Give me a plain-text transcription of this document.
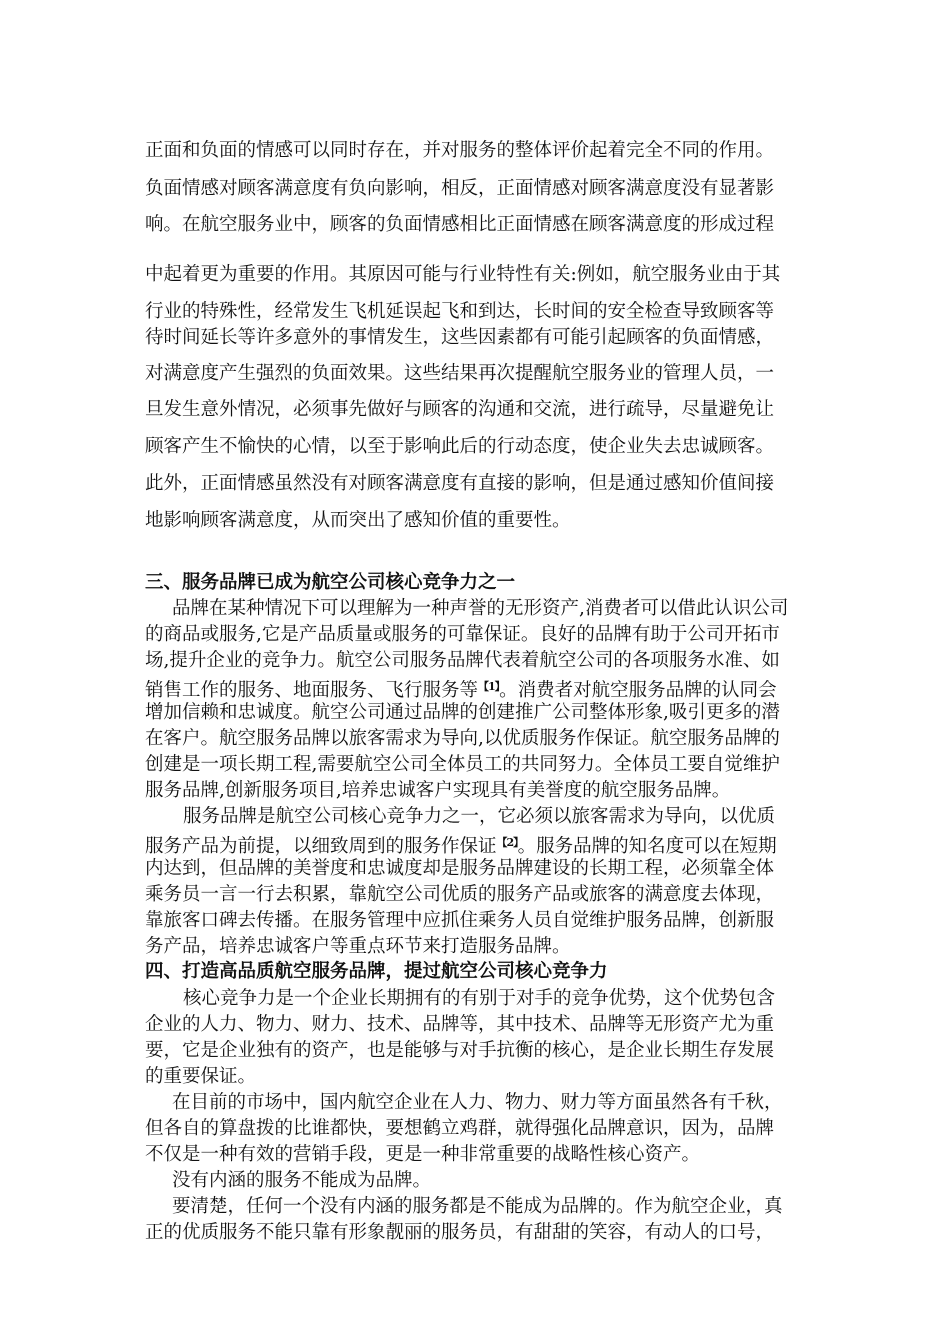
正面和负面的情感可以同时存在，并对服务的整体评价起着完全不同的作用。
负面情感对顾客满意度有负向影响，相反，正面情感对顾客满意度没有显著影
响。在航空服务业中，顾客的负面情感相比正面情感在顾客满意度的形成过程
中起着更为重要的作用。其原因可能与行业特性有关:例如，航空服务业由于其
行业的特殊性，经常发生飞机延误起飞和到达，长时间的安全检查导致顾客等
待时间延长等许多意外的事情发生，这些因素都有可能引起顾客的负面情感，
对满意度产生强烈的负面效果。这些结果再次提醒航空服务业的管理人员，一
旦发生意外情况，必须事先做好与顾客的沟通和交流，进行疏导，尽量避免让
顾客产生不愉快的心情，以至于影响此后的行动态度，使企业失去忠诚顾客。
此外，正面情感虽然没有对顾客满意度有直接的影响，但是通过感知价值间接
地影响顾客满意度，从而突出了感知价值的重要性。
三、服务品牌已成为航空公司核心竞争力之一
品牌在某种情况下可以理解为一种声誉的无形资产,消费者可以借此认识公司
的商品或服务,它是产品质量或服务的可靠保证。良好的品牌有助于公司开拓市
场,提升企业的竞争力。航空公司服务品牌代表着航空公司的各项服务水准、如
销售工作的服务、地面服务、飞行服务等$^{【1】}$。消费者对航空服务品牌的认同会
增加信赖和忠诚度。航空公司通过品牌的创建推广公司整体形象,吸引更多的潜
在客户。航空服务品牌以旅客需求为导向,以优质服务作保证。航空服务品牌的
创建是一项长期工程,需要航空公司全体员工的共同努力。全体员工要自觉维护
服务品牌,创新服务项目,培养忠诚客户实现具有美誉度的航空服务品牌。
服务品牌是航空公司核心竞争力之一，它必须以旅客需求为导向，以优质
服务产品为前提，以细致周到的服务作保证$^{【2】}$。服务品牌的知名度可以在短期
内达到，但品牌的美誉度和忠诚度却是服务品牌建设的长期工程，必须靠全体
乘务员一言一行去积累，靠航空公司优质的服务产品或旅客的满意度去体现，
靠旅客口碑去传播。在服务管理中应抓住乘务人员自觉维护服务品牌，创新服
务产品，培养忠诚客户等重点环节来打造服务品牌。
四、打造高品质航空服务品牌，提过航空公司核心竞争力
核心竞争力是一个企业长期拥有的有别于对手的竞争优势，这个优势包含
企业的人力、物力、财力、技术、品牌等，其中技术、品牌等无形资产尤为重
要，它是企业独有的资产，也是能够与对手抗衡的核心，是企业长期生存发展
的重要保证。
在目前的市场中，国内航空企业在人力、物力、财力等方面虽然各有千秋，
但各自的算盘拨的比谁都快，要想鹤立鸡群，就得强化品牌意识，因为，品牌
不仅是一种有效的营销手段，更是一种非常重要的战略性核心资产。
没有内涵的服务不能成为品牌。
要清楚，任何一个没有内涵的服务都是不能成为品牌的。作为航空企业，真
正的优质服务不能只靠有形象靓丽的服务员，有甜甜的笑容，有动人的口号，
